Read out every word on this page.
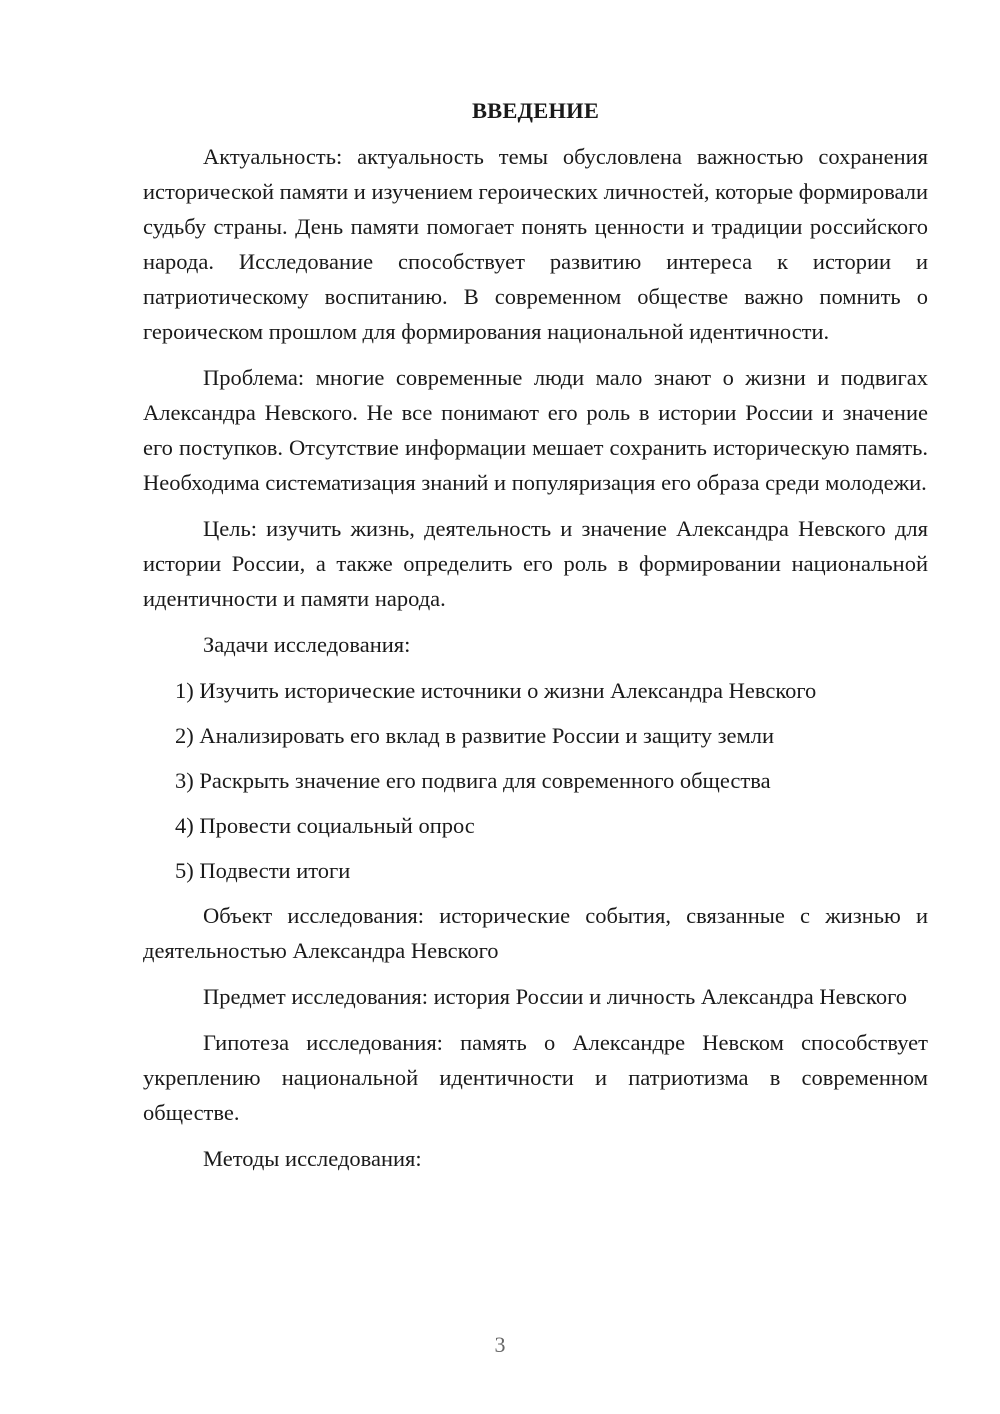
ВВЕДЕНИЕ

Актуальность: актуальность темы обусловлена важностью сохранения исторической памяти и изучением героических личностей, которые формировали судьбу страны. День памяти помогает понять ценности и традиции российского народа. Исследование способствует развитию интереса к истории и патриотическому воспитанию. В современном обществе важно помнить о героическом прошлом для формирования национальной идентичности.

Проблема: многие современные люди мало знают о жизни и подвигах Александра Невского. Не все понимают его роль в истории России и значение его поступков. Отсутствие информации мешает сохранить историческую память. Необходима систематизация знаний и популяризация его образа среди молодежи.

Цель: изучить жизнь, деятельность и значение Александра Невского для истории России, а также определить его роль в формировании национальной идентичности и памяти народа.

Задачи исследования:

1) Изучить исторические источники о жизни Александра Невского

2) Анализировать его вклад в развитие России и защиту земли

3) Раскрыть значение его подвига для современного общества

4) Провести социальный опрос

5) Подвести итоги

Объект исследования: исторические события, связанные с жизнью и деятельностью Александра Невского

Предмет исследования: история России и личность Александра Невского

Гипотеза исследования: память о Александре Невском способствует укреплению национальной идентичности и патриотизма в современном обществе.

Методы исследования:

3
